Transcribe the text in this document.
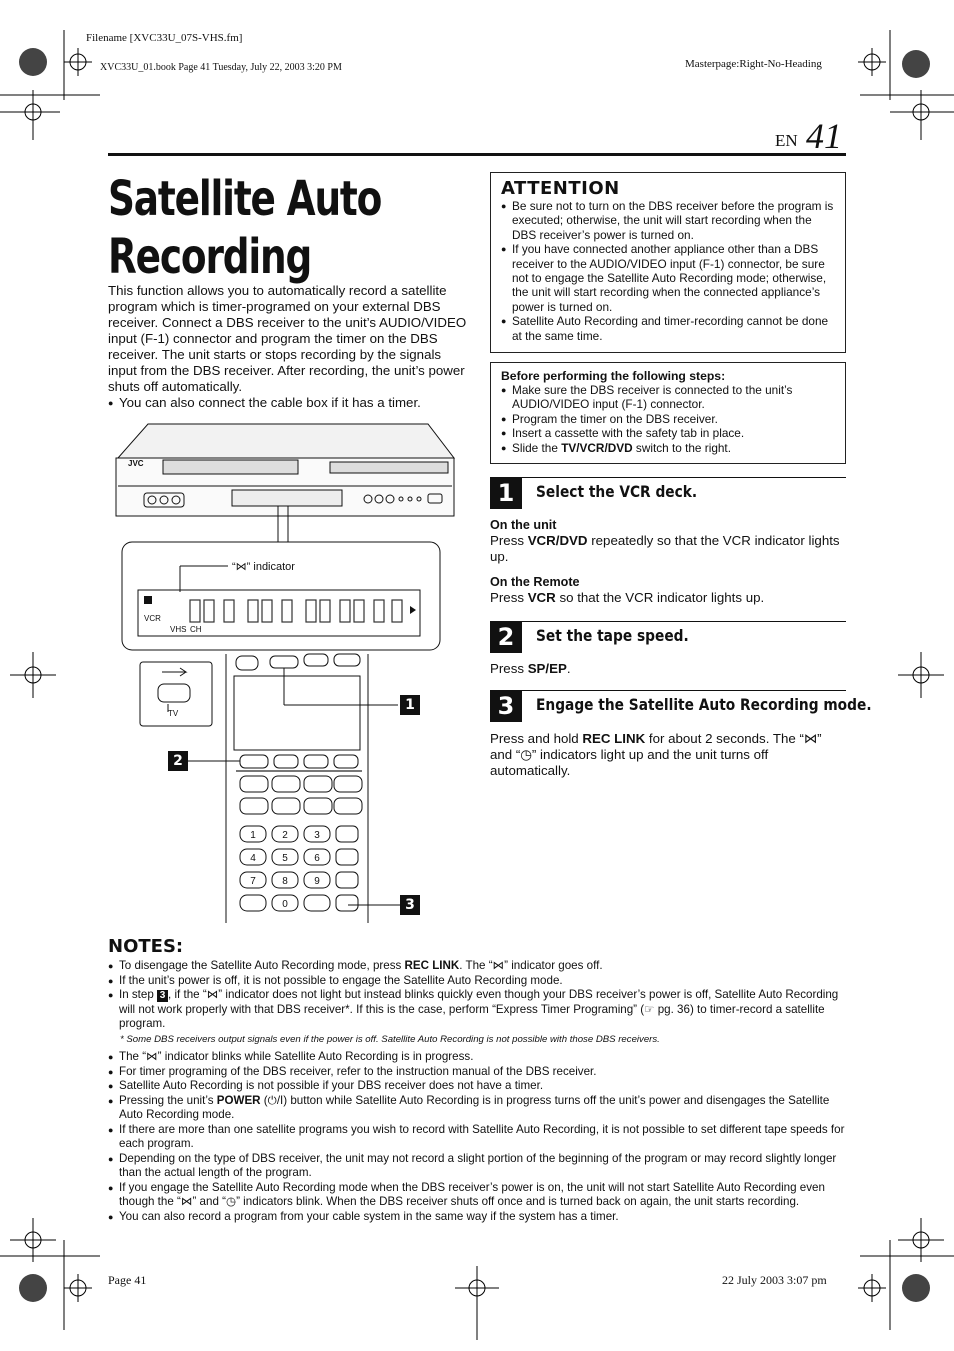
Filename [XVC33U_07S-VHS.fm]
XVC33U_01.book Page 41 Tuesday, July 22, 2003 3:20 PM	Masterpage:Right-No-Heading
EN 41
Satellite Auto Recording
This function allows you to automatically record a satellite program which is timer-programed on your external DBS receiver. Connect a DBS receiver to the unit’s AUDIO/VIDEO input (F-1) connector and program the timer on the DBS receiver. The unit starts or stops recording by the signals input from the DBS receiver. After recording, the unit’s power shuts off automatically.
● You can also connect the cable box if it has a timer.
JVC
“⋈” indicator
VCR
VHS CH
TV
1	2	3
4	5	6
7	8	9
0
1
2
3
ATTENTION
● Be sure not to turn on the DBS receiver before the program is executed; otherwise, the unit will start recording when the DBS receiver’s power is turned on.
● If you have connected another appliance other than a DBS receiver to the AUDIO/VIDEO input (F-1) connector, be sure not to engage the Satellite Auto Recording mode; otherwise, the unit will start recording when the connected appliance’s power is turned on.
● Satellite Auto Recording and timer-recording cannot be done at the same time.
Before performing the following steps:
● Make sure the DBS receiver is connected to the unit’s AUDIO/VIDEO input (F-1) connector.
● Program the timer on the DBS receiver.
● Insert a cassette with the safety tab in place.
● Slide the TV/VCR/DVD switch to the right.
1	Select the VCR deck.
On the unit
Press VCR/DVD repeatedly so that the VCR indicator lights up.
On the Remote
Press VCR so that the VCR indicator lights up.
2	Set the tape speed.
Press SP/EP.
3	Engage the Satellite Auto Recording mode.
Press and hold REC LINK for about 2 seconds. The “⋈” and “◷” indicators light up and the unit turns off automatically.
NOTES:
● To disengage the Satellite Auto Recording mode, press REC LINK. The “⋈” indicator goes off.
● If the unit’s power is off, it is not possible to engage the Satellite Auto Recording mode.
● In step 3 , if the “⋈” indicator does not light but instead blinks quickly even though your DBS receiver’s power is off, Satellite Auto Recording will not work properly with that DBS receiver*. If this is the case, perform “Express Timer Programing” (☞ pg. 36) to timer-record a satellite program.
* Some DBS receivers output signals even if the power is off. Satellite Auto Recording is not possible with those DBS receivers.
● The “⋈” indicator blinks while Satellite Auto Recording is in progress.
● For timer programing of the DBS receiver, refer to the instruction manual of the DBS receiver.
● Satellite Auto Recording is not possible if your DBS receiver does not have a timer.
● Pressing the unit’s POWER (⏻/I) button while Satellite Auto Recording is in progress turns off the unit’s power and disengages the Satellite Auto Recording mode.
● If there are more than one satellite programs you wish to record with Satellite Auto Recording, it is not possible to set different tape speeds for each program.
● Depending on the type of DBS receiver, the unit may not record a slight portion of the beginning of the program or may record slightly longer than the actual length of the program.
● If you engage the Satellite Auto Recording mode when the DBS receiver’s power is on, the unit will not start Satellite Auto Recording even though the “⋈” and “◷” indicators blink. When the DBS receiver shuts off once and is turned back on again, the unit starts recording.
● You can also record a program from your cable system in the same way if the system has a timer.
Page 41	22 July 2003 3:07 pm
